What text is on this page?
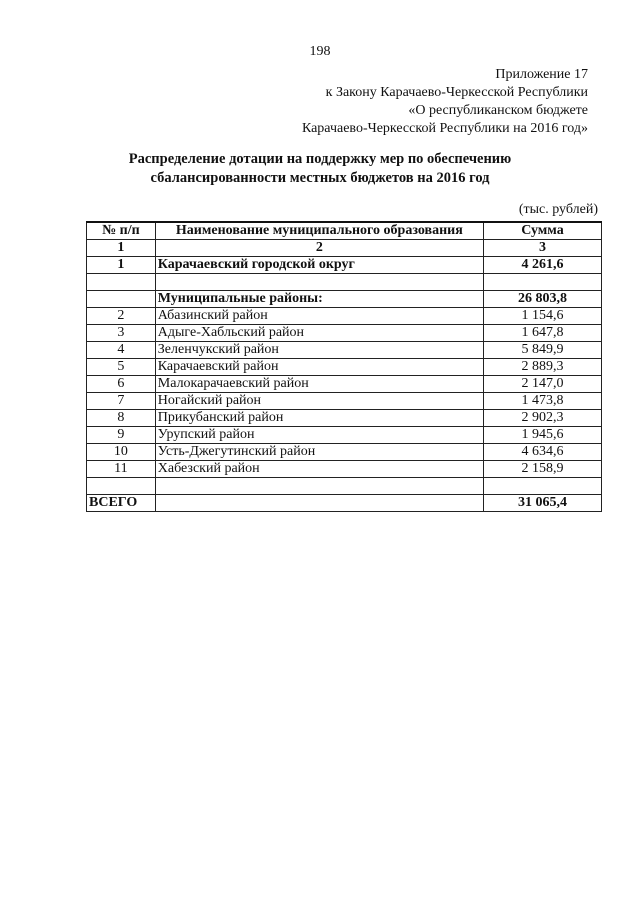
198
Приложение 17
к Закону Карачаево-Черкесской Республики
«О республиканском бюджете
Карачаево-Черкесской Республики на 2016 год»
Распределение дотации на поддержку мер по обеспечению
сбалансированности местных бюджетов на 2016 год
(тыс. рублей)
№ п/п	Наименование муниципального образования	Сумма
1	2	3
1	Карачаевский городской округ	4 261,6

	Муниципальные районы:	26 803,8
2	Абазинский район	1 154,6
3	Адыге-Хабльский район	1 647,8
4	Зеленчукский район	5 849,9
5	Карачаевский район	2 889,3
6	Малокарачаевский район	2 147,0
7	Ногайский район	1 473,8
8	Прикубанский район	2 902,3
9	Урупский район	1 945,6
10	Усть-Джегутинский район	4 634,6
11	Хабезский район	2 158,9

ВСЕГО		31 065,4
